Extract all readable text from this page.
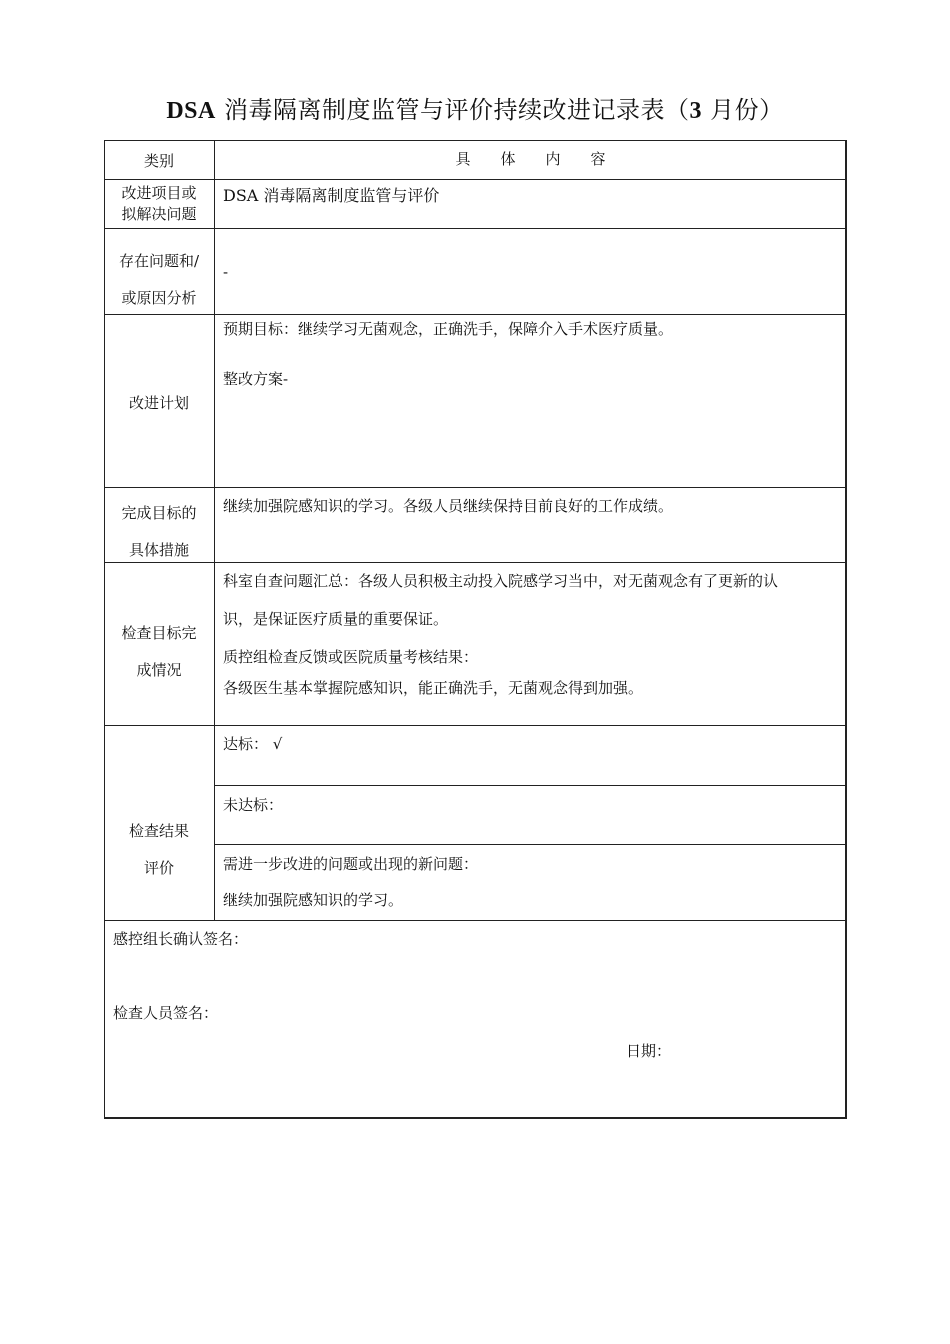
DSA 消毒隔离制度监管与评价持续改进记录表（3 月份）
类别	具　　体　　内　　容
改进项目或
拟解决问题
DSA 消毒隔离制度监管与评价
存在问题和/
或原因分析
-
改进计划
预期目标：继续学习无菌观念，正确洗手，保障介入手术医疗质量。
整改方案-
完成目标的
具体措施
继续加强院感知识的学习。各级人员继续保持目前良好的工作成绩。
检查目标完
成情况
科室自查问题汇总：各级人员积极主动投入院感学习当中，对无菌观念有了更新的认
识，是保证医疗质量的重要保证。
质控组检查反馈或医院质量考核结果：
各级医生基本掌握院感知识，能正确洗手，无菌观念得到加强。
检查结果
评价
达标： √
未达标：
需进一步改进的问题或出现的新问题：
继续加强院感知识的学习。
感控组长确认签名：
检查人员签名：
日期：
